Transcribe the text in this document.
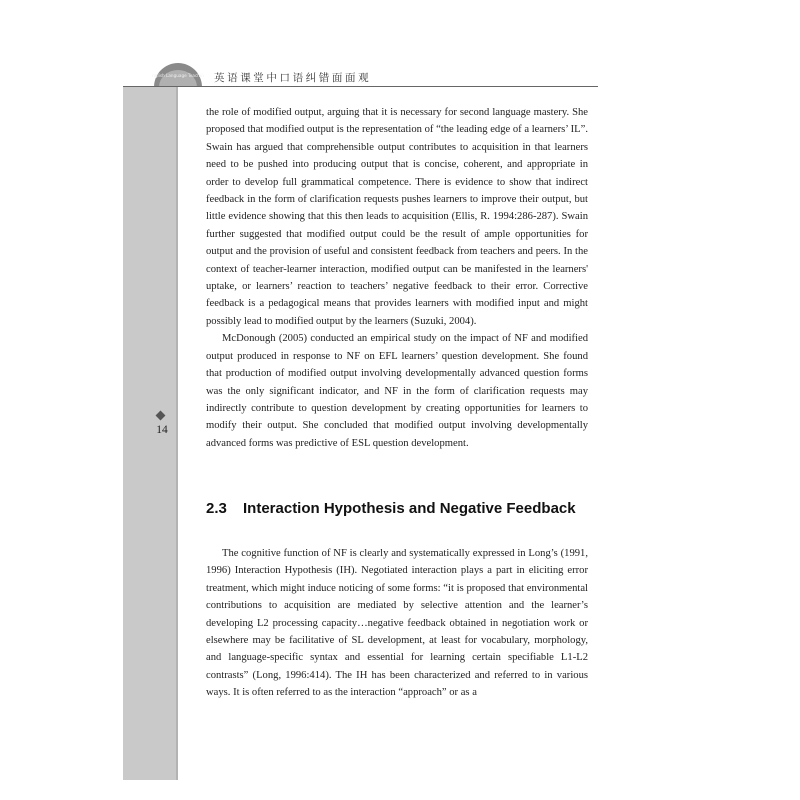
English Language Teaching 英语课堂中口语纠错面面观
14

the role of modified output, arguing that it is necessary for second language mastery. She proposed that modified output is the representation of “the leading edge of a learners’ IL”. Swain has argued that comprehensible output contributes to acquisition in that learners need to be pushed into producing output that is concise, coherent, and appropriate in order to develop full grammatical competence. There is evidence to show that indirect feedback in the form of clarification requests pushes learners to improve their output, but little evidence showing that this then leads to acquisition (Ellis, R. 1994:286-287). Swain further suggested that modified output could be the result of ample opportunities for output and the provision of useful and consistent feedback from teachers and peers. In the context of teacher-learner interaction, modified output can be manifested in the learners' uptake, or learners’ reaction to teachers’ negative feedback to their error. Corrective feedback is a pedagogical means that provides learners with modified input and might possibly lead to modified output by the learners (Suzuki, 2004).

McDonough (2005) conducted an empirical study on the impact of NF and modified output produced in response to NF on EFL learners’ question development. She found that production of modified output involving developmentally advanced question forms was the only significant indicator, and NF in the form of clarification requests may indirectly contribute to question development by creating opportunities for learners to modify their output. She concluded that modified output involving developmentally advanced forms was predictive of ESL question development.

2.3 Interaction Hypothesis and Negative Feedback

The cognitive function of NF is clearly and systematically expressed in Long’s (1991, 1996) Interaction Hypothesis (IH). Negotiated interaction plays a part in eliciting error treatment, which might induce noticing of some forms: “it is proposed that environmental contributions to acquisition are mediated by selective attention and the learner’s developing L2 processing capacity…negative feedback obtained in negotiation work or elsewhere may be facilitative of SL development, at least for vocabulary, morphology, and language-specific syntax and essential for learning certain specifiable L1-L2 contrasts” (Long, 1996:414). The IH has been characterized and referred to in various ways. It is often referred to as the interaction “approach” or as a
